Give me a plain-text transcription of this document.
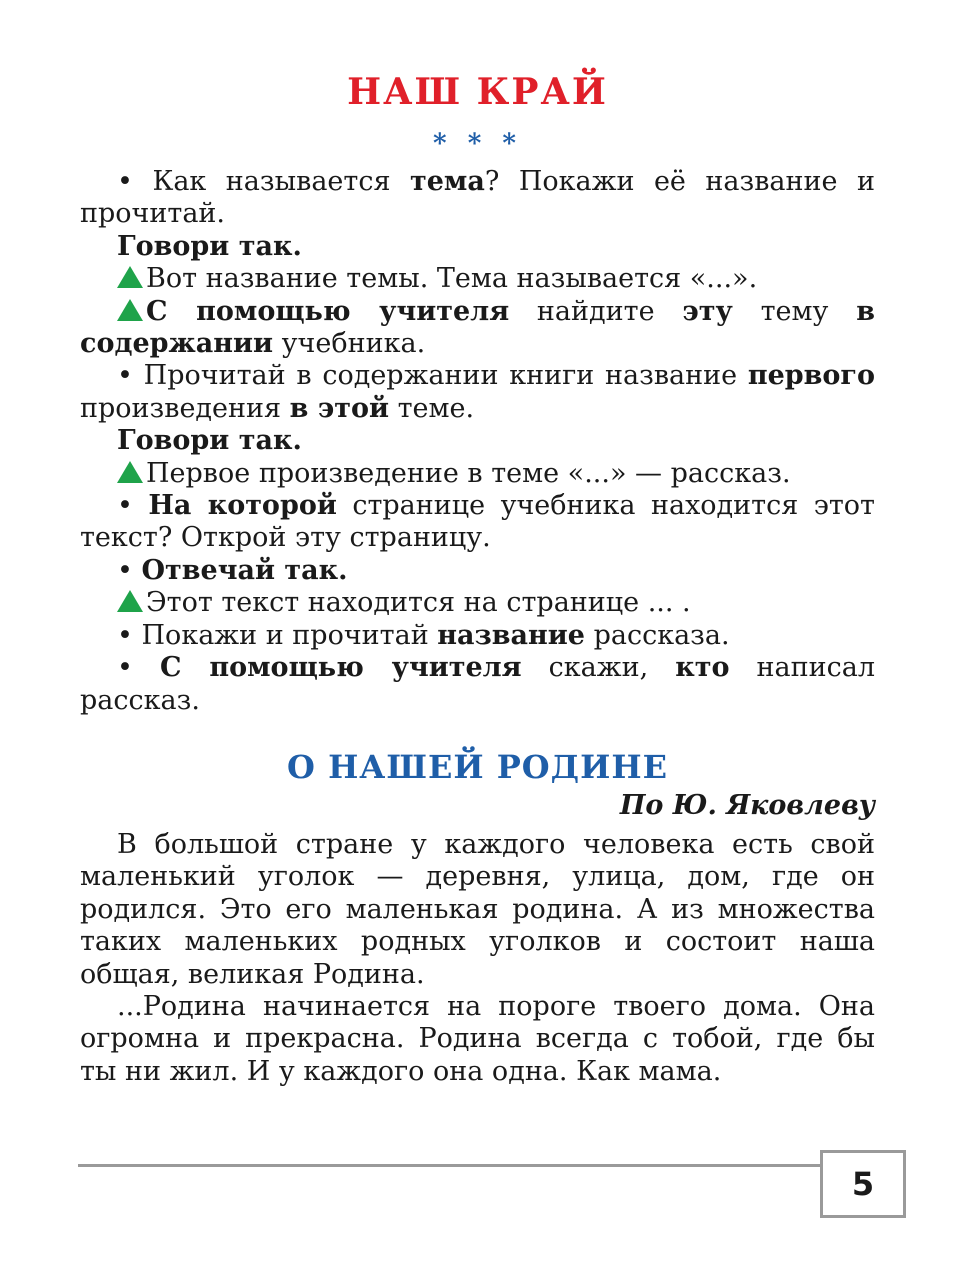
НАШ КРАЙ
* * *

• Как называется тема? Покажи её название и прочитай.

Говори так.

Вот название темы. Тема называется «...».

С помощью учителя найдите эту тему в содержании учебника.

• Прочитай в содержании книги название первого произведения в этой теме.

Говори так.

Первое произведение в теме «...» — рассказ.

• На которой странице учебника находится этот текст? Открой эту страницу.

• Отвечай так.

Этот текст находится на странице ... .

• Покажи и прочитай название рассказа.

• С помощью учителя скажи, кто написал рассказ.

О НАШЕЙ РОДИНЕ
По Ю. Яковлеву

В большой стране у каждого человека есть свой маленький уголок — деревня, улица, дом, где он родился. Это его маленькая родина. А из множества таких маленьких родных уголков и состоит наша общая, великая Родина.

...Родина начинается на пороге твоего дома. Она огромна и прекрасна. Родина всегда с тобой, где бы ты ни жил. И у каждого она одна. Как мама.

5
